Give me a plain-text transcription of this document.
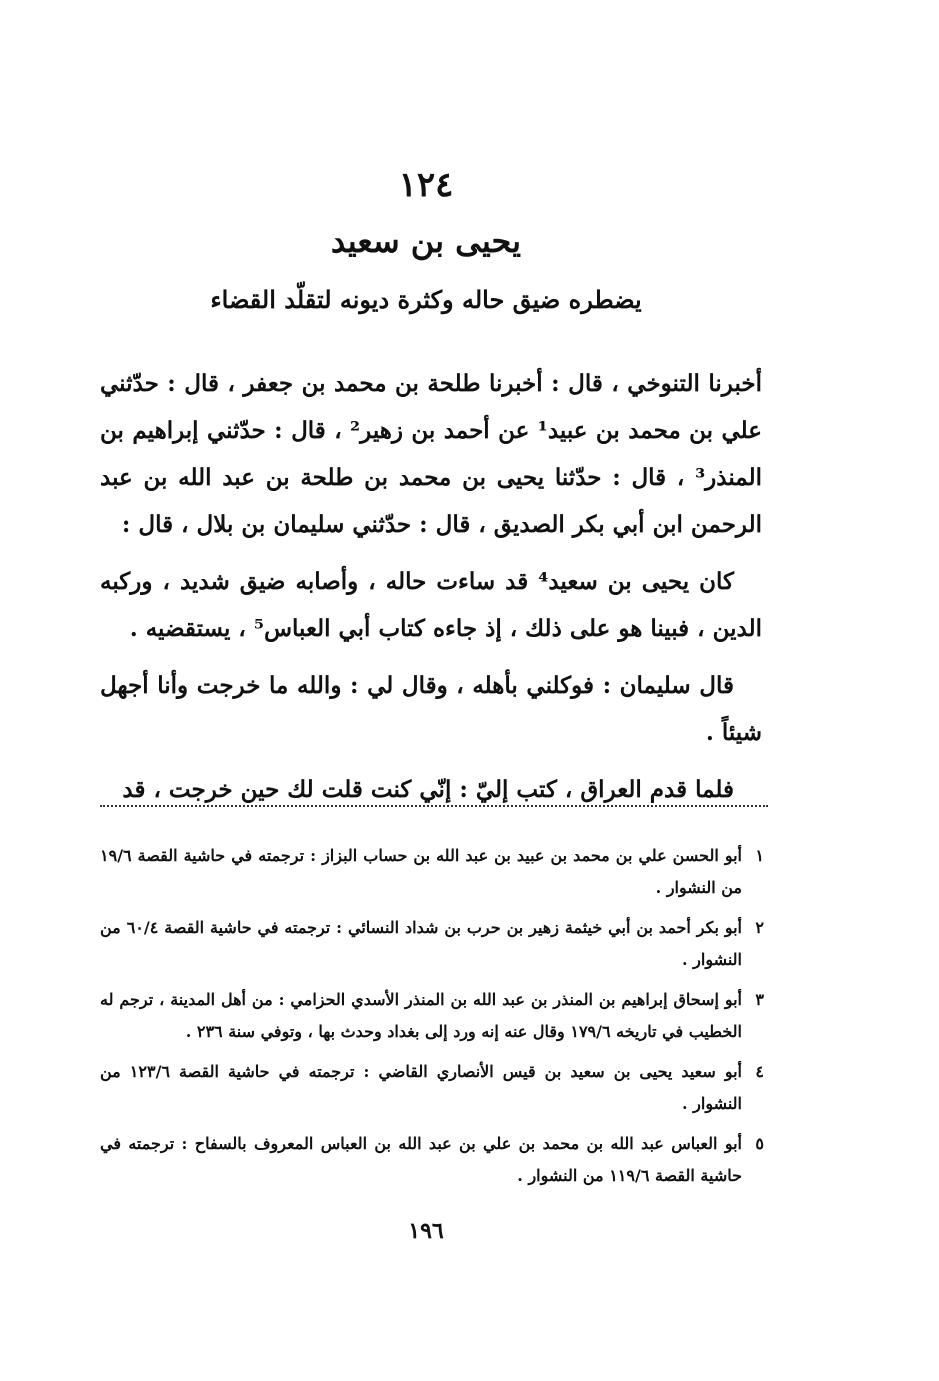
١٢٤
يحيى بن سعيد
يضطره ضيق حاله وكثرة ديونه لتقلّد القضاء

أخبرنا التنوخي ، قال : أخبرنا طلحة بن محمد بن جعفر ، قال : حدّثني علي بن محمد بن عبيد¹ عن أحمد بن زهير² ، قال : حدّثني إبراهيم بن المنذر³ ، قال : حدّثنا يحيى بن محمد بن طلحة بن عبد الله بن عبد الرحمن ابن أبي بكر الصديق ، قال : حدّثني سليمان بن بلال ، قال :

كان يحيى بن سعيد⁴ قد ساءت حاله ، وأصابه ضيق شديد ، وركبه الدين ، فبينا هو على ذلك ، إذ جاءه كتاب أبي العباس⁵ ، يستقضيه .

قال سليمان : فوكلني بأهله ، وقال لي : والله ما خرجت وأنا أجهل شيئاً .

فلما قدم العراق ، كتب إليّ : إنّي كنت قلت لك حين خرجت ، قد

١
أبو الحسن علي بن محمد بن عبيد بن عبد الله بن حساب البزاز : ترجمته في حاشية القصة ١٩/٦ من النشوار .
٢
أبو بكر أحمد بن أبي خيثمة زهير بن حرب بن شداد النسائي : ترجمته في حاشية القصة ٦٠/٤ من النشوار .
٣
أبو إسحاق إبراهيم بن المنذر بن عبد الله بن المنذر الأسدي الحزامي : من أهل المدينة ، ترجم له الخطيب في تاريخه ١٧٩/٦ وقال عنه إنه ورد إلى بغداد وحدث بها ، وتوفي سنة ٢٣٦ .
٤
أبو سعيد يحيى بن سعيد بن قيس الأنصاري القاضي : ترجمته في حاشية القصة ١٢٣/٦ من النشوار .
٥
أبو العباس عبد الله بن محمد بن علي بن عبد الله بن العباس المعروف بالسفاح : ترجمته في حاشية القصة ١١٩/٦ من النشوار .
١٩٦
